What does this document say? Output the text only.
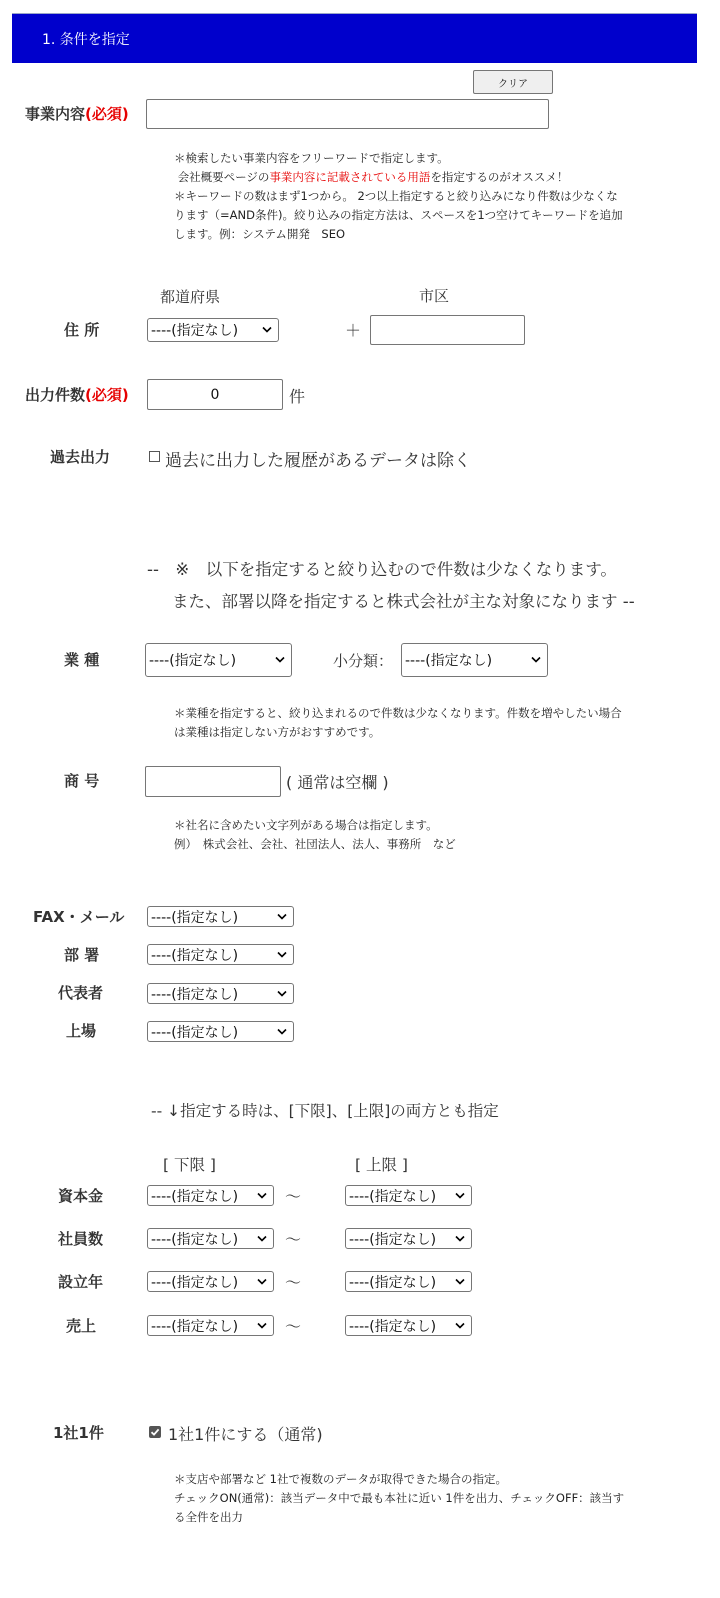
1. 条件を指定
クリア
事業内容(必須)
＊検索したい事業内容をフリーワードで指定します。
会社概要ページの事業内容に記載されている用語を指定するのがオススメ！
＊キーワードの数はまず1つから。 2つ以上指定すると絞り込みになり件数は少なくな
ります（=AND条件)。絞り込みの指定方法は、スペースを1つ空けてキーワードを追加
します。例：システム開発　SEO
都道府県	市区
住 所	----(指定なし)	＋
出力件数(必須)	0	件
過去出力	過去に出力した履歴があるデータは除く
--　※　以下を指定すると絞り込むので件数は少なくなります。
また、部署以降を指定すると株式会社が主な対象になります --
業 種	----(指定なし)	小分類： ----(指定なし)
＊業種を指定すると、絞り込まれるので件数は少なくなります。件数を増やしたい場合
は業種は指定しない方がおすすめです。
商 号	( 通常は空欄 )
＊社名に含めたい文字列がある場合は指定します。
例）　株式会社、会社、社団法人、法人、事務所　など
FAX・メール ----(指定なし)
部 署	----(指定なし)
代表者	----(指定なし)
上場	----(指定なし)
-- ↓指定する時は、[下限]、[上限]の両方とも指定
[ 下限 ]	[ 上限 ]
資本金	----(指定なし)	〜	----(指定なし)
社員数	----(指定なし)	〜	----(指定なし)
設立年	----(指定なし)	〜	----(指定なし)
売上	----(指定なし)	〜	----(指定なし)
1社1件	1社1件にする（通常)
＊支店や部署など 1社で複数のデータが取得できた場合の指定。
チェックON(通常)：該当データ中で最も本社に近い 1件を出力、チェックOFF：該当す
る全件を出力
